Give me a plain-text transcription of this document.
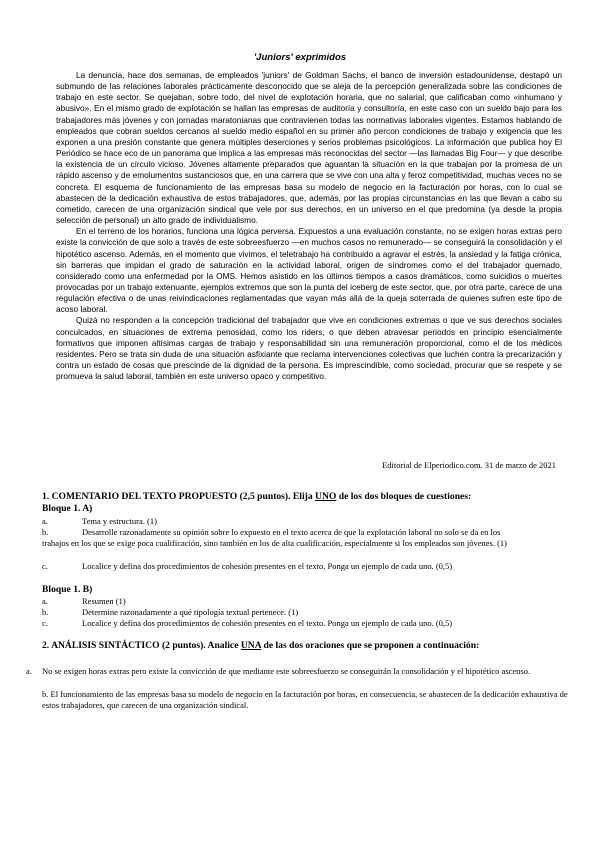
'Juniors' exprimidos

La denuncia, hace dos semanas, de empleados 'juniors' de Goldman Sachs, el banco de inversión estadounidense, destapó un submundo de las relaciones laborales prácticamente desconocido que se aleja de la percepción generalizada sobre las condiciones de trabajo en este sector. Se quejaban, sobre todo, del nivel de explotación horaria, que no salarial, que calificaban como «inhumano y abusivo». En el mismo grado de explotación se hallan las empresas de auditoría y consultoría, en este caso con un sueldo bajo para los trabajadores más jóvenes y con jornadas maratonianas que contravienen todas las normativas laborales vigentes. Estamos hablando de empleados que cobran sueldos cercanos al sueldo medio español en su primer año percon condiciones de trabajo y exigencia que les exponen a una presión constante que genera múltiples deserciones y serios problemas psicológicos. La información que publica hoy El Periódico se hace eco de un panorama que implica a las empresas más reconocidas del sector —las llamadas Big Four— y que describe la existencia de un círculo vicioso. Jóvenes altamente preparados que aguantan la situación en la que trabajan por la promesa de un rápido ascenso y de emolumentos sustanciosos que, en una carrera que se vive con una alta y feroz competitividad, muchas veces no se concreta. El esquema de funcionamiento de las empresas basa su modelo de negocio en la facturación por horas, con lo cual se abastecen de la dedicación exhaustiva de estos trabajadores, que, además, por las propias circunstancias en las que llevan a cabo su cometido, carecen de una organización sindical que vele por sus derechos, en un universo en el que predomina (ya desde la propia selección de personal) un alto grado de individualismo.

En el terreno de los horarios, funciona una lógica perversa. Expuestos a una evaluación constante, no se exigen horas extras pero existe la convicción de que solo a través de este sobreesfuerzo —en muchos casos no remunerado— se conseguirá la consolidación y el hipotético ascenso. Además, en el momento que vivimos, el teletrabajo ha contribuido a agravar el estrés, la ansiedad y la fatiga crónica, sin barreras que impidan el grado de saturación en la actividad laboral, origen de síndromes como el del trabajador quemado, considerado como una enfermedad por la OMS. Hemos asistido en los últimos tiempos a casos dramáticos, como suicidios o muertes provocadas por un trabajo extenuante, ejemplos extremos que son la punta del iceberg de este sector, que, por otra parte, carece de una regulación efectiva o de unas reivindicaciones reglamentadas que vayan más allá de la queja soterrada de quienes sufren este tipo de acoso laboral.

Quizá no responden a la concepción tradicional del trabajador que vive en condiciones extremas o que ve sus derechos sociales conculcados, en situaciones de extrema penosidad, como los riders, o que deben atravesar periodos en principio esencialmente formativos que imponen altísimas cargas de trabajo y responsabilidad sin una remuneración proporcional, como el de los médicos residentes. Pero se trata sin duda de una situación asfixiante que reclama intervenciones colectivas que luchen contra la precarización y contra un estado de cosas que prescinde de la dignidad de la persona. Es imprescindible, como sociedad, procurar que se respete y se promueva la salud laboral, también en este universo opaco y competitivo.

Editorial de Elperiodico.com. 31 de marzo de 2021
1. COMENTARIO DEL TEXTO PROPUESTO (2,5 puntos). Elija UNO de los dos bloques de cuestiones:
Bloque 1. A)
a.	Tema y estructura. (1)
b.	Desarrolle razonadamente su opinión sobre lo expuesto en el texto acerca de que la explotación laboral no solo se da en los trabajos en los que se exige poca cualificación, sino también en los de alta cualificación, especialmente si los empleados son jóvenes. (1)
c.	Localice y defina dos procedimientos de cohesión presentes en el texto. Ponga un ejemplo de cada uno. (0,5)
Bloque 1. B)
a.	Resumen (1)
b.	Determine razonadamente a qué tipología textual pertenece. (1)
c.	Localice y defina dos procedimientos de cohesión presentes en el texto. Ponga un ejemplo de cada uno. (0,5)
2. ANÁLISIS SINTÁCTICO (2 puntos). Analice UNA de las dos oraciones que se proponen a continuación:
a. No se exigen horas extras pero existe la convicción de que mediante este sobreesfuerzo se conseguirán la consolidación y el hipotético ascenso.
b. El funcionamiento de las empresas basa su modelo de negocio en la facturación por horas, en consecuencia, se abastecen de la dedicación exhaustiva de estos trabajadores, que carecen de una organización sindical.
